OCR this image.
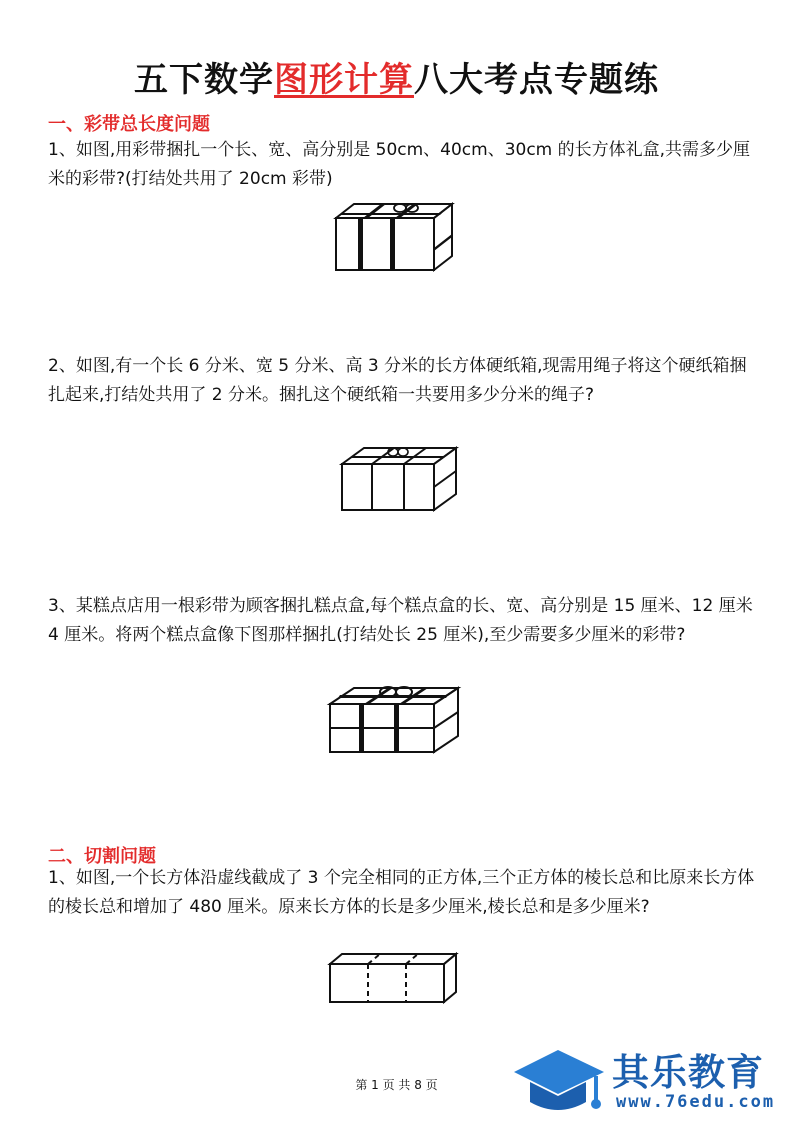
五下数学图形计算八大考点专题练
一、彩带总长度问题
1、如图,用彩带捆扎一个长、宽、高分别是 50cm、40cm、30cm 的长方体礼盒,共需多少厘米的彩带?(打结处共用了 20cm 彩带)
2、如图,有一个长 6 分米、宽 5 分米、高 3 分米的长方体硬纸箱,现需用绳子将这个硬纸箱捆扎起来,打结处共用了 2 分米。捆扎这个硬纸箱一共要用多少分米的绳子?
3、某糕点店用一根彩带为顾客捆扎糕点盒,每个糕点盒的长、宽、高分别是 15 厘米、12 厘米 4 厘米。将两个糕点盒像下图那样捆扎(打结处长 25 厘米),至少需要多少厘米的彩带?
二、切割问题
1、如图,一个长方体沿虚线截成了 3 个完全相同的正方体,三个正方体的棱长总和比原来长方体的棱长总和增加了 480 厘米。原来长方体的长是多少厘米,棱长总和是多少厘米?
第 1 页 共 8 页	其乐教育
www.76edu.com
